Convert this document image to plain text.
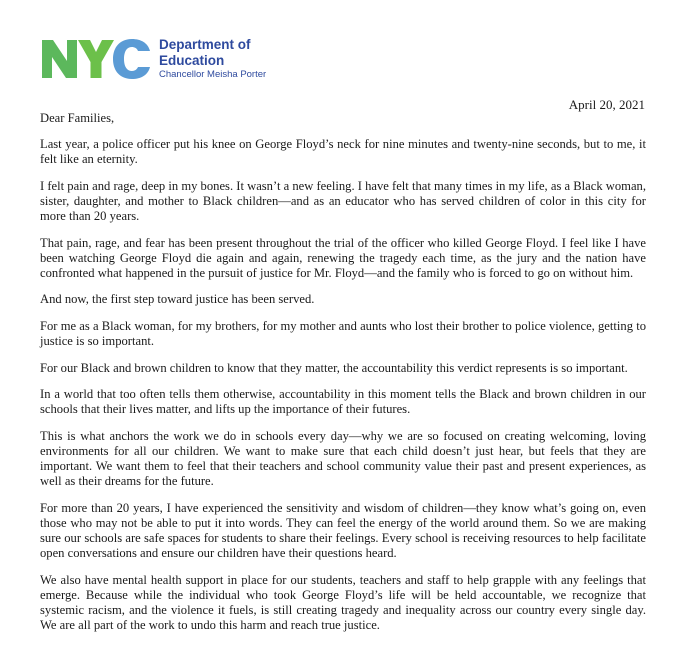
NYC	Department of
Education
Chancellor Meisha Porter
April 20, 2021

Dear Families,

Last year, a police officer put his knee on George Floyd’s neck for nine minutes and twenty-nine seconds, but to me, it felt like an eternity.

I felt pain and rage, deep in my bones. It wasn’t a new feeling. I have felt that many times in my life, as a Black woman, sister, daughter, and mother to Black children—and as an educator who has served children of color in this city for more than 20 years.

That pain, rage, and fear has been present throughout the trial of the officer who killed George Floyd. I feel like I have been watching George Floyd die again and again, renewing the tragedy each time, as the jury and the nation have confronted what happened in the pursuit of justice for Mr. Floyd—and the family who is forced to go on without him.

And now, the first step toward justice has been served.

For me as a Black woman, for my brothers, for my mother and aunts who lost their brother to police violence, getting to justice is so important.

For our Black and brown children to know that they matter, the accountability this verdict represents is so important.

In a world that too often tells them otherwise, accountability in this moment tells the Black and brown children in our schools that their lives matter, and lifts up the importance of their futures.

This is what anchors the work we do in schools every day—why we are so focused on creating welcoming, loving environments for all our children. We want to make sure that each child doesn’t just hear, but feels that they are important. We want them to feel that their teachers and school community value their past and present experiences, as well as their dreams for the future.

For more than 20 years, I have experienced the sensitivity and wisdom of children—they know what’s going on, even those who may not be able to put it into words. They can feel the energy of the world around them. So we are making sure our schools are safe spaces for students to share their feelings. Every school is receiving resources to help facilitate open conversations and ensure our children have their questions heard.

We also have mental health support in place for our students, teachers and staff to help grapple with any feelings that emerge. Because while the individual who took George Floyd’s life will be held accountable, we recognize that systemic racism, and the violence it fuels, is still creating tragedy and inequality across our country every single day. We are all part of the work to undo this harm and reach true justice.
